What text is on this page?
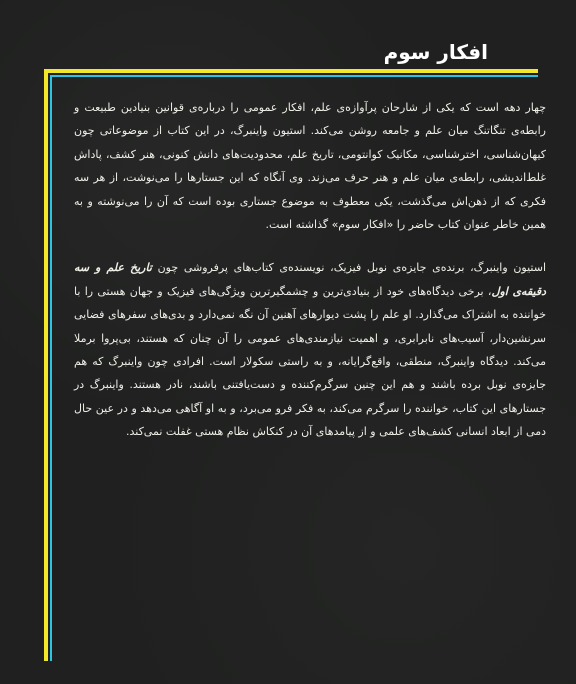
افکار سوم

چهار دهه است که یکی از شارحان پرآوازه‌ی علم، افکار عمومی را درباره‌ی قوانین بنیادین طبیعت و رابطه‌ی تنگاتنگ میان علم و جامعه روشن می‌کند. استیون واینبرگ، در این کتاب از موضوعاتی چون کیهان‌شناسی، اخترشناسی، مکانیک کوانتومی، تاریخ علم، محدودیت‌های دانش کنونی، هنر کشف، پاداش غلط‌اندیشی، رابطه‌ی میان علم و هنر حرف می‌زند. وی آنگاه که این جستارها را می‌نوشت، از هر سه فکری که از ذهن‌اش می‌گذشت، یکی معطوف به موضوع جستاری بوده است که آن را می‌نوشته و به همین خاطر عنوان کتاب حاضر را «افکار سوم» گذاشته است.

استیون واینبرگ، برنده‌ی جایزه‌ی نوبل فیزیک، نویسنده‌ی کتاب‌های پرفروشی چون تاریخ علم و سه دقیقه‌ی اول، برخی دیدگاه‌های خود از بنیادی‌ترین و چشمگیرترین ویژگی‌های فیزیک و جهان هستی را با خواننده به اشتراک می‌گذارد. او علم را پشت دیوارهای آهنین آن نگه نمی‌دارد و بدی‌های سفرهای فضایی سرنشین‌دار، آسیب‌های نابرابری، و اهمیت نیازمندی‌های عمومی را آن چنان که هستند، بی‌پروا برملا می‌کند. دیدگاه واینبرگ، منطقی، واقع‌گرایانه، و به راستی سکولار است. افرادی چون واینبرگ که هم جایزه‌ی نوبل برده باشند و هم این چنین سرگرم‌کننده و دست‌یافتنی باشند، نادر هستند. واینبرگ در جستارهای این کتاب، خواننده را سرگرم می‌کند، به فکر فرو می‌برد، و به او آگاهی می‌دهد و در عین حال دمی از ابعاد انسانی کشف‌های علمی و از پیامدهای آن در کنکاش نظام هستی غفلت نمی‌کند.
